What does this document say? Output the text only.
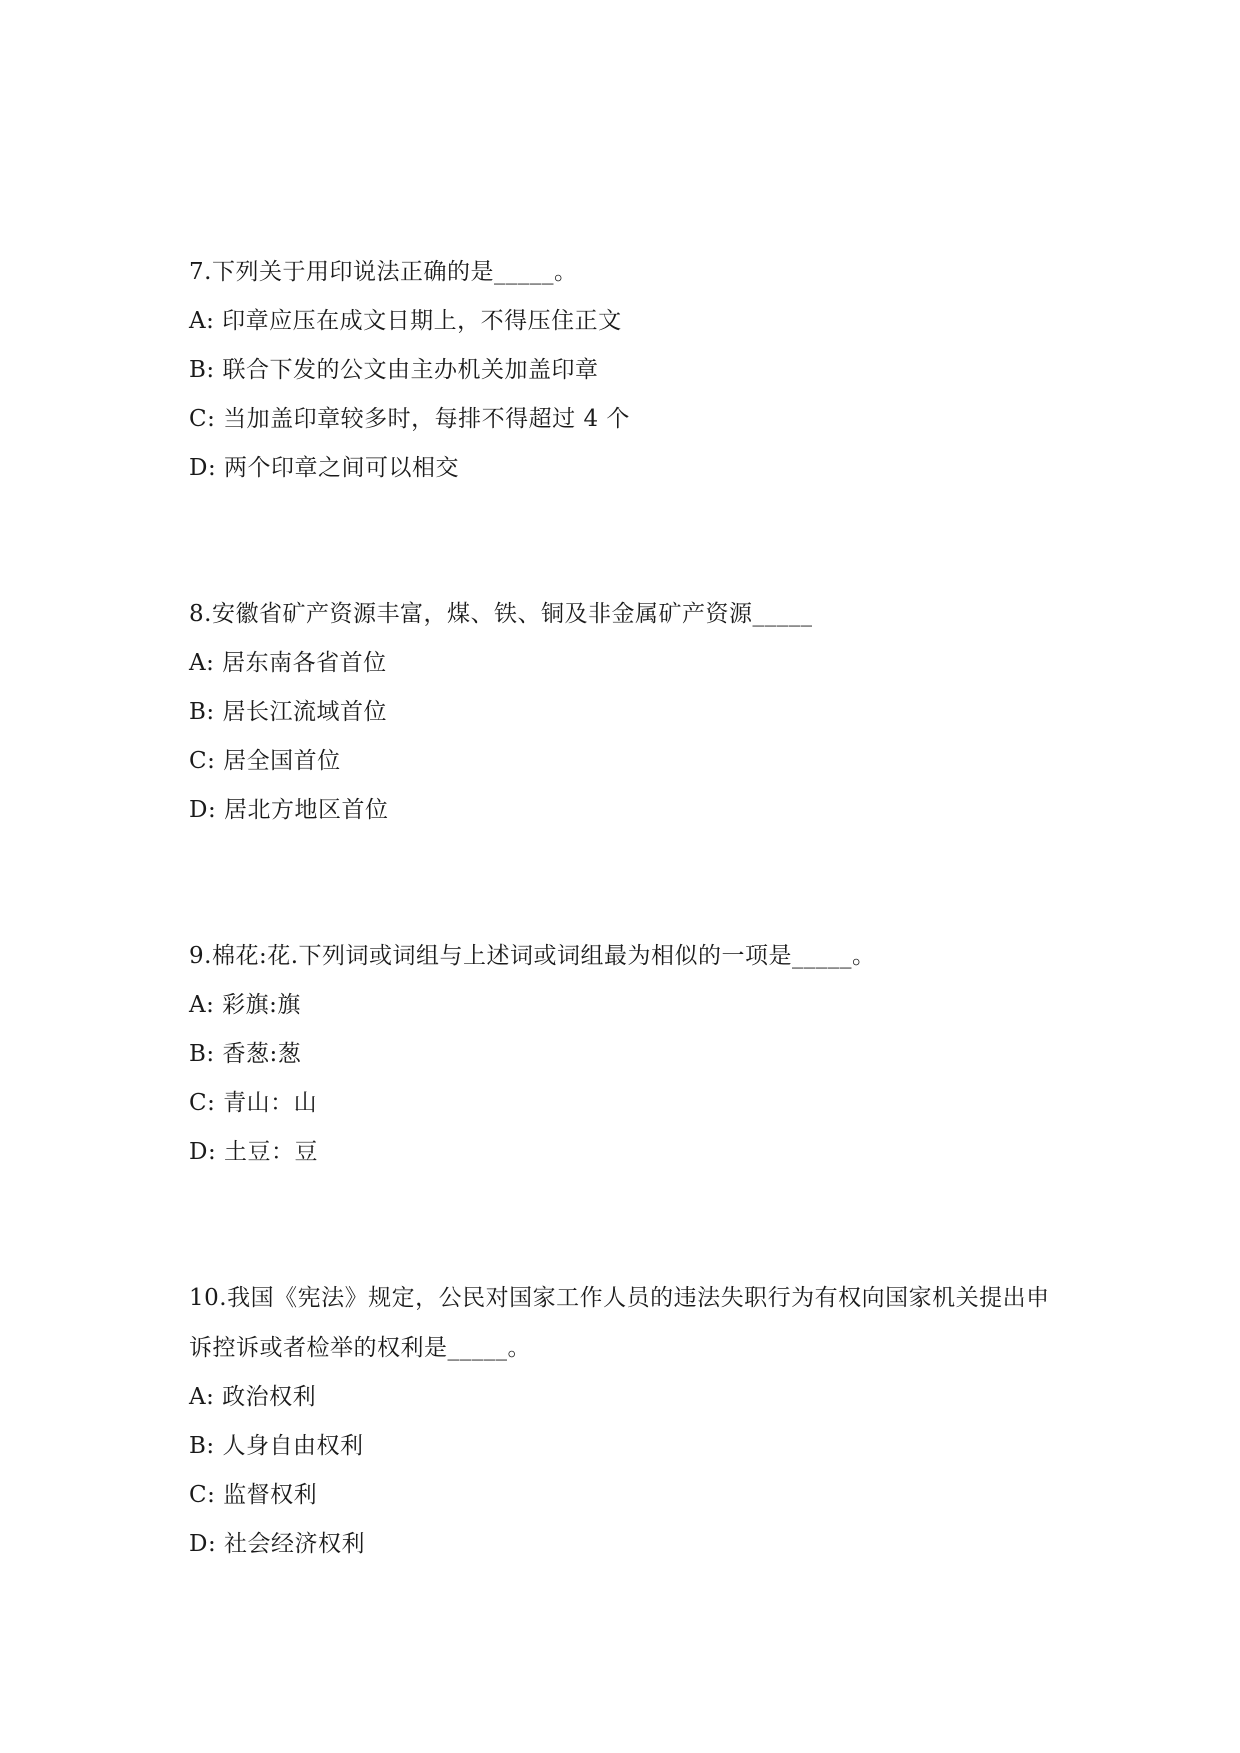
7.下列关于用印说法正确的是_____。
A: 印章应压在成文日期上，不得压住正文
B: 联合下发的公文由主办机关加盖印章
C: 当加盖印章较多时，每排不得超过 4 个
D: 两个印章之间可以相交
8.安徽省矿产资源丰富，煤、铁、铜及非金属矿产资源_____
A: 居东南各省首位
B: 居长江流域首位
C: 居全国首位
D: 居北方地区首位
9.棉花:花.下列词或词组与上述词或词组最为相似的一项是_____。
A: 彩旗:旗
B: 香葱:葱
C: 青山：山
D: 土豆：豆
10.我国《宪法》规定，公民对国家工作人员的违法失职行为有权向国家机关提出申诉控诉或者检举的权利是_____。
A: 政治权利
B: 人身自由权利
C: 监督权利
D: 社会经济权利
